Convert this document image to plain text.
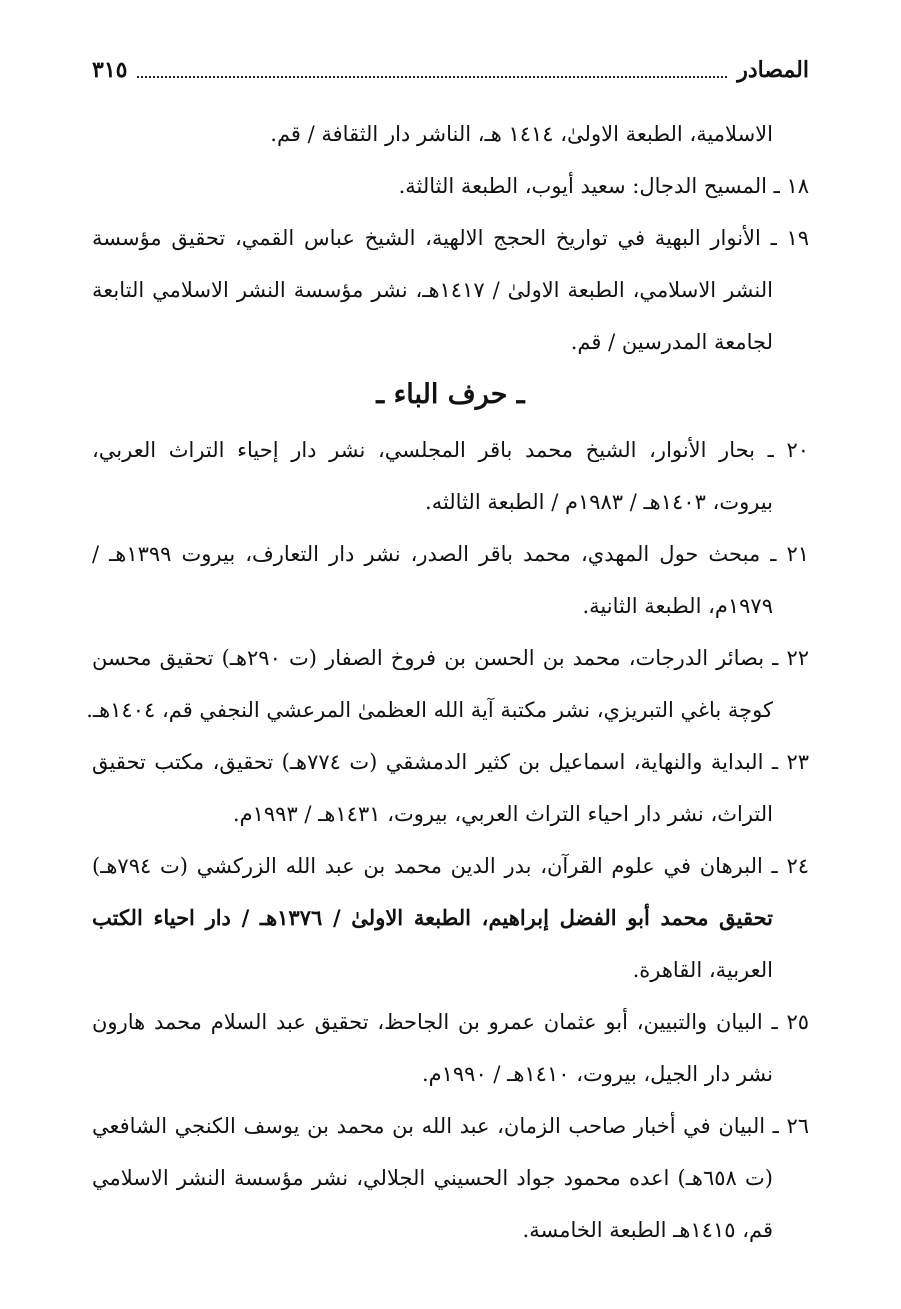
المصادر
٣١٥
الاسلامية، الطبعة الاولىٰ، ١٤١٤ هـ، الناشر دار الثقافة / قم.
١٨ ـ المسيح الدجال: سعيد أيوب، الطبعة الثالثة.
١٩ ـ الأنوار البهية في تواريخ الحجج الالهية، الشيخ عباس القمي، تحقيق مؤسسة
النشر الاسلامي، الطبعة الاولىٰ / ١٤١٧هـ، نشر مؤسسة النشر الاسلامي التابعة
لجامعة المدرسين / قم.
ـ حرف الباء ـ
٢٠ ـ بحار الأنوار، الشيخ محمد باقر المجلسي، نشر دار إحياء التراث العربي،
بيروت، ١٤٠٣هـ / ١٩٨٣م / الطبعة الثالثه.
٢١ ـ مبحث حول المهدي، محمد باقر الصدر، نشر دار التعارف، بيروت ١٣٩٩هـ /
١٩٧٩م، الطبعة الثانية.
٢٢ ـ بصائر الدرجات، محمد بن الحسن بن فروخ الصفار (ت ٢٩٠هـ) تحقيق محسن
كوچة باغي التبريزي، نشر مكتبة آية الله العظمىٰ المرعشي النجفي قم، ١٤٠٤هـ.
٢٣ ـ البداية والنهاية، اسماعيل بن كثير الدمشقي (ت ٧٧٤هـ) تحقيق، مكتب تحقيق
التراث، نشر دار احياء التراث العربي، بيروت، ١٤٣١هـ / ١٩٩٣م.
٢٤ ـ البرهان في علوم القرآن، بدر الدين محمد بن عبد الله الزركشي (ت ٧٩٤هـ)
تحقيق محمد أبو الفضل إبراهيم، الطبعة الاولىٰ / ١٣٧٦هـ / دار احياء الكتب
العربية، القاهرة.
٢٥ ـ البيان والتبيين، أبو عثمان عمرو بن الجاحظ، تحقيق عبد السلام محمد هارون
نشر دار الجيل، بيروت، ١٤١٠هـ / ١٩٩٠م.
٢٦ ـ البيان في أخبار صاحب الزمان، عبد الله بن محمد بن يوسف الكنجي الشافعي
(ت ٦٥٨هـ) اعده محمود جواد الحسيني الجلالي، نشر مؤسسة النشر الاسلامي
قم، ١٤١٥هـ الطبعة الخامسة.
